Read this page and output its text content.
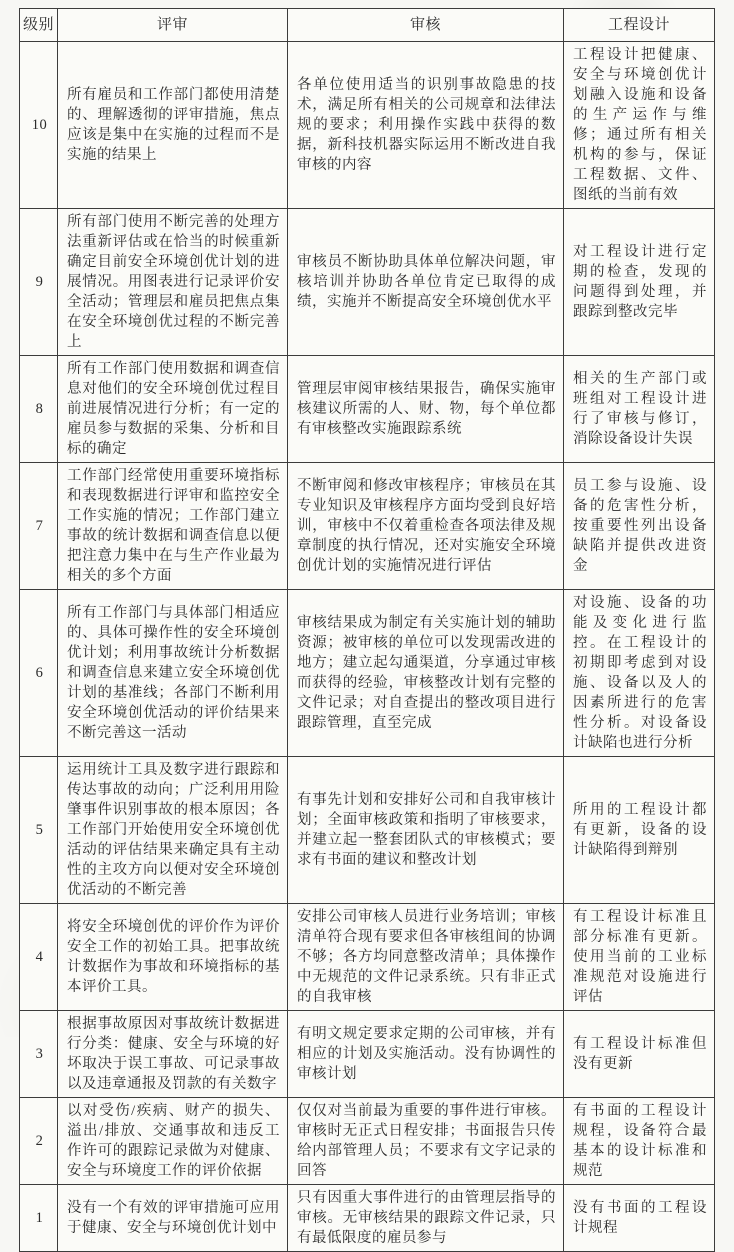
级别	评审	审核	工程设计
10	所有雇员和工作部门都使用清楚的、理解透彻的评审措施，焦点应该是集中在实施的过程而不是实施的结果上	各单位使用适当的识别事故隐患的技术，满足所有相关的公司规章和法律法规的要求；利用操作实践中获得的数据，新科技机器实际运用不断改进自我审核的内容	工程设计把健康、安全与环境创优计划融入设施和设备的生产运作与维修；通过所有相关机构的参与，保证工程数据、文件、图纸的当前有效
9	所有部门使用不断完善的处理方法重新评估或在恰当的时候重新确定目前安全环境创优计划的进展情况。用图表进行记录评价安全活动；管理层和雇员把焦点集在安全环境创优过程的不断完善上	审核员不断协助具体单位解决问题，审核培训并协助各单位肯定已取得的成绩，实施并不断提高安全环境创优水平	对工程设计进行定期的检查，发现的问题得到处理，并跟踪到整改完毕
8	所有工作部门使用数据和调查信息对他们的安全环境创优过程目前进展情况进行分析；有一定的雇员参与数据的采集、分析和目标的确定	管理层审阅审核结果报告，确保实施审核建议所需的人、财、物，每个单位都有审核整改实施跟踪系统	相关的生产部门或班组对工程设计进行了审核与修订，消除设备设计失误
7	工作部门经常使用重要环境指标和表现数据进行评审和监控安全工作实施的情况；工作部门建立事故的统计数据和调查信息以便把注意力集中在与生产作业最为相关的多个方面	不断审阅和修改审核程序；审核员在其专业知识及审核程序方面均受到良好培训，审核中不仅着重检查各项法律及规章制度的执行情况，还对实施安全环境创优计划的实施情况进行评估	员工参与设施、设备的危害性分析，按重要性列出设备缺陷并提供改进资金
6	所有工作部门与具体部门相适应的、具体可操作性的安全环境创优计划；利用事故统计分析数据和调查信息来建立安全环境创优计划的基准线；各部门不断利用安全环境创优活动的评价结果来不断完善这一活动	审核结果成为制定有关实施计划的辅助资源；被审核的单位可以发现需改进的地方；建立起勾通渠道，分享通过审核而获得的经验，审核整改计划有完整的文件记录；对自查提出的整改项目进行跟踪管理，直至完成	对设施、设备的功能及变化进行监控。在工程设计的初期即考虑到对设施、设备以及人的因素所进行的危害性分析。对设备设计缺陷也进行分析
5	运用统计工具及数字进行跟踪和传达事故的动向；广泛利用用险肇事件识别事故的根本原因；各工作部门开始使用安全环境创优活动的评估结果来确定具有主动性的主攻方向以便对安全环境创优活动的不断完善	有事先计划和安排好公司和自我审核计划；全面审核政策和指明了审核要求，并建立起一整套团队式的审核模式；要求有书面的建议和整改计划	所用的工程设计都有更新，设备的设计缺陷得到辩别
4	将安全环境创优的评价作为评价安全工作的初始工具。把事故统计数据作为事故和环境指标的基本评价工具。	安排公司审核人员进行业务培训；审核清单符合现有要求但各审核组间的协调不够；各方均同意整改清单；具体操作中无规范的文件记录系统。只有非正式的自我审核	有工程设计标准且部分标准有更新。使用当前的工业标准规范对设施进行评估
3	根据事故原因对事故统计数据进行分类：健康、安全与环境的好坏取决于误工事故、可记录事故以及违章通报及罚款的有关数字	有明文规定要求定期的公司审核，并有相应的计划及实施活动。没有协调性的审核计划	有工程设计标准但没有更新
2	以对受伤/疾病、财产的损失、溢出/排放、交通事故和违反工作许可的跟踪记录做为对健康、安全与环境度工作的评价依据	仅仅对当前最为重要的事件进行审核。审核时无正式日程安排；书面报告只传给内部管理人员；不要求有文字记录的回答	有书面的工程设计规程，设备符合最基本的设计标准和规范
1	没有一个有效的评审措施可应用于健康、安全与环境创优计划中	只有因重大事件进行的由管理层指导的审核。无审核结果的跟踪文件记录，只有最低限度的雇员参与	没有书面的工程设计规程
